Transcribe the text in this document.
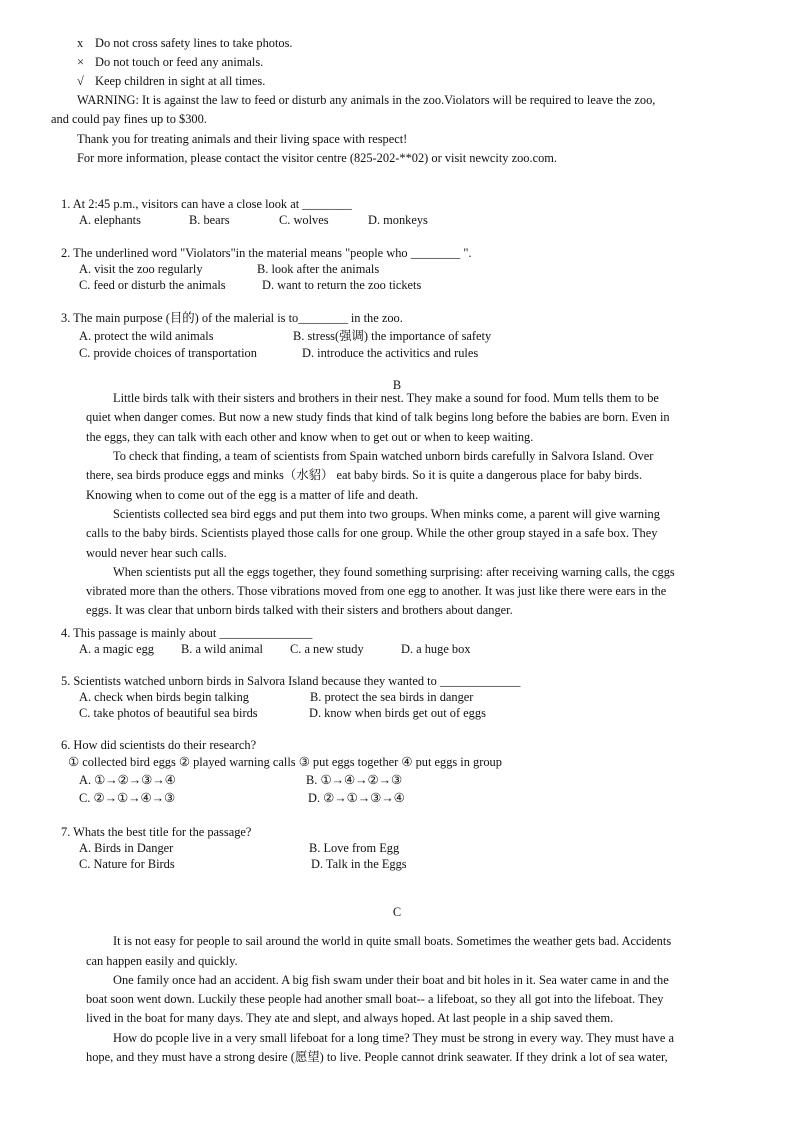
x Do not cross safety lines to take photos.
× Do not touch or feed any animals.
√ Keep children in sight at all times.
WARNING: It is against the law to feed or disturb any animals in the zoo.Violators will be required to leave the zoo,
and could pay fines up to $300.
Thank you for treating animals and their living space with respect!
For more information, please contact the visitor centre (825-202-**02) or visit newcity zoo.com.
1. At 2:45 p.m., visitors can have a close look at ________
A. elephants	B. bears	C. wolves	D. monkeys
2. The underlined word "Violators"in the material means "people who ________ ".
A. visit the zoo regularly	B. look after the animals
C. feed or disturb the animals	D. want to return the zoo tickets
3. The main purpose (目的) of the malerial is to________ in the zoo.
A. protect the wild animals	B. stress(强调) the importance of safety
C. provide choices of transportation	D. introduce the activitics and rules
B
Little birds talk with their sisters and brothers in their nest. They make a sound for food. Mum tells them to be
quiet when danger comes. But now a new study finds that kind of talk begins long before the babies are born. Even in
the eggs, they can talk with each other and know when to get out or when to keep waiting.
To check that finding, a team of scientists from Spain watched unborn birds carefully in Salvora Island. Over
there, sea birds produce eggs and minks（水貂） eat baby birds. So it is quite a dangerous place for baby birds.
Knowing when to come out of the egg is a matter of life and death.
Scientists collected sea bird eggs and put them into two groups. When minks come, a parent will give warning
calls to the baby birds. Scientists played those calls for one group. While the other group stayed in a safe box. They
would never hear such calls.
When scientists put all the eggs together, they found something surprising: after receiving warning calls, the cggs
vibrated more than the others. Those vibrations moved from one egg to another. It was just like there were ears in the
eggs. It was clear that unborn birds talked with their sisters and brothers about danger.
4. This passage is mainly about _______________
A. a magic egg B. a wild animal C. a new study	D. a huge box
5. Scientists watched unborn birds in Salvora Island because they wanted to _____________
A. check when birds begin talking	B. protect the sea birds in danger
C. take photos of beautiful sea birds	D. know when birds get out of eggs
6. How did scientists do their research?
① collected bird eggs ② played warning calls ③ put eggs together ④ put eggs in group
A. ①→②→③→④	B. ①→④→②→③
C. ②→①→④→③	D. ②→①→③→④
7. Whats the best title for the passage?
A. Birds in Danger	B. Love from Egg
C. Nature for Birds	D. Talk in the Eggs
C
It is not easy for people to sail around the world in quite small boats. Sometimes the weather gets bad. Accidents
can happen easily and quickly.
One family once had an accident. A big fish swam under their boat and bit holes in it. Sea water came in and the
boat soon went down. Luckily these people had another small boat-- a lifeboat, so they all got into the lifeboat. They
lived in the boat for many days. They ate and slept, and always hoped. At last people in a ship saved them.
How do pcople live in a very small lifeboat for a long time? They must be strong in every way. They must have a
hope, and they must have a strong desire (愿望) to live. People cannot drink seawater. If they drink a lot of sea water,
